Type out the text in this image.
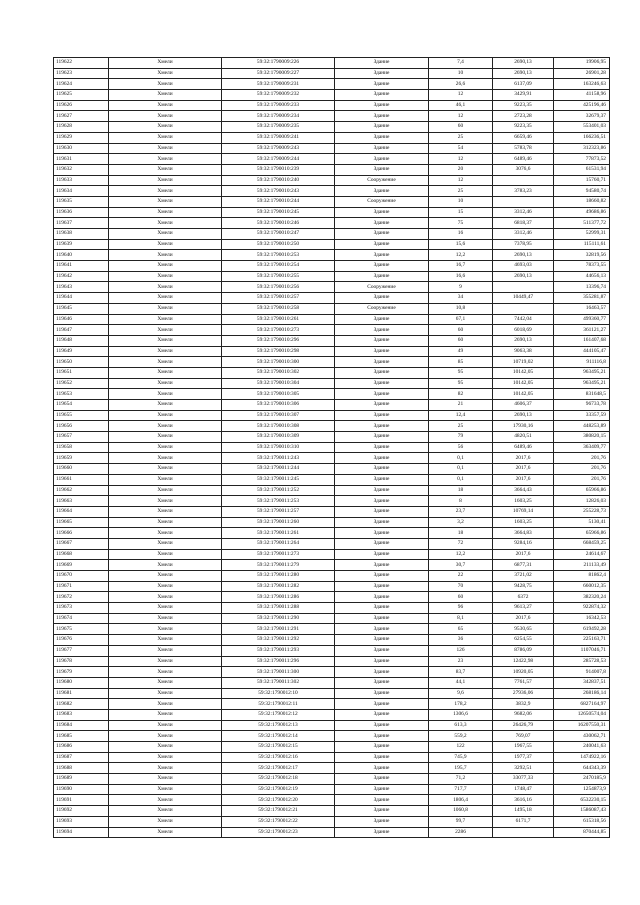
119622	Хмели	59:32:1790009:226	Здание	7,4	2690,13	19906,95
119623	Хмели	59:32:1790009:227	Здание	10	2690,13	26901,28
119624	Хмели	59:32:1790009:231	Здание	26,6	6137,09	163246,63
119625	Хмели	59:32:1790009:232	Здание	12	3429,91	41158,96
119626	Хмели	59:32:1790009:233	Здание	46,1	9223,35	425196,46
119627	Хмели	59:32:1790009:234	Здание	12	2723,28	32679,37
119628	Хмели	59:32:1790009:235	Здание	60	9223,35	553401,03
119629	Хмели	59:32:1790009:241	Здание	25	6659,46	166236,51
119630	Хмели	59:32:1790009:243	Здание	54	5783,78	312323,86
119631	Хмели	59:32:1790009:244	Здание	12	6489,46	77873,52
119632	Хмели	59:32:1790010:239	Здание	20	3076,6	61531,94
119633	Хмели	59:32:1790010:240	Сооружение	12		15760,71
119634	Хмели	59:32:1790010:243	Здание	25	3783,23	94580,74
119635	Хмели	59:32:1790010:244	Сооружение	10		18660,82
119636	Хмели	59:32:1790010:245	Здание	15	3312,46	49686,86
119637	Хмели	59:32:1790010:246	Здание	75	6818,37	511377,72
119638	Хмели	59:32:1790010:247	Здание	16	3312,46	52999,31
119639	Хмели	59:32:1790010:250	Здание	15,6	7378,95	115111,61
119640	Хмели	59:32:1790010:253	Здание	12,2	2690,13	32819,56
119641	Хмели	59:32:1790010:254	Здание	16,7	4693,03	78373,55
119642	Хмели	59:32:1790010:255	Здание	16,6	2690,13	44656,13
119643	Хмели	59:32:1790010:256	Сооружение	9		13396,74
119644	Хмели	59:32:1790010:257	Здание	34	10449,47	355281,87
119645	Хмели	59:32:1790010:258	Сооружение	10,8		16463,57
119646	Хмели	59:32:1790010:261	Здание	67,1	7442,04	499360,77
119647	Хмели	59:32:1790010:273	Здание	60	6018,69	361121,27
119648	Хмели	59:32:1790010:296	Здание	60	2690,13	161407,68
119649	Хмели	59:32:1790010:298	Здание	49	9063,38	444105,47
119650	Хмели	59:32:1790010:300	Здание	85	10719,02	911116,8
119651	Хмели	59:32:1790010:302	Здание	95	10142,05	963495,21
119652	Хмели	59:32:1790010:304	Здание	95	10142,05	963495,21
119653	Хмели	59:32:1790010:305	Здание	82	10142,05	831648,5
119654	Хмели	59:32:1790010:306	Здание	21	4606,37	96733,78
119655	Хмели	59:32:1790010:307	Здание	12,4	2690,13	33357,59
119656	Хмели	59:32:1790010:308	Здание	25	17930,16	448253,89
119657	Хмели	59:32:1790010:309	Здание	79	4820,51	380820,15
119658	Хмели	59:32:1790010:310	Здание	56	6489,46	363409,77
119659	Хмели	59:32:1790011:243	Здание	0,1	2017,6	201,76
119660	Хмели	59:32:1790011:244	Здание	0,1	2017,6	201,76
119661	Хмели	59:32:1790011:245	Здание	0,1	2017,6	201,76
119662	Хмели	59:32:1790011:252	Здание	18	3664,43	65966,86
119663	Хмели	59:32:1790011:253	Здание	8	1603,25	12826,03
119664	Хмели	59:32:1790011:257	Здание	23,7	10769,14	255228,73
119665	Хмели	59:32:1790011:260	Здание	3,2	1603,25	5130,41
119666	Хмели	59:32:1790011:261	Здание	18	3664,83	65966,86
119667	Хмели	59:32:1790011:264	Здание	72	9284,16	668459,25
119668	Хмели	59:32:1790011:273	Здание	12,2	2017,6	24614,67
119669	Хмели	59:32:1790011:279	Здание	30,7	6877,31	211133,49
119670	Хмели	59:32:1790011:280	Здание	22	3721,02	81862,4
119671	Хмели	59:32:1790011:282	Здание	70	9428,75	660012,35
119672	Хмели	59:32:1790011:286	Здание	60	6372	382320,24
119673	Хмели	59:32:1790011:288	Здание	96	9613,27	922874,32
119674	Хмели	59:32:1790011:290	Здание	8,1	2017,6	16342,53
119675	Хмели	59:32:1790011:291	Здание	65	9530,65	619492,28
119676	Хмели	59:32:1790011:292	Здание	36	6254,55	225163,71
119677	Хмели	59:32:1790011:293	Здание	126	8786,09	1107046,71
119678	Хмели	59:32:1790011:296	Здание	23	12422,98	285728,53
119679	Хмели	59:32:1790011:300	Здание	83,7	10920,05	914007,8
119680	Хмели	59:32:1790011:302	Здание	44,1	7761,57	342837,51
119681	Хмели	59:32:1790012:10	Здание	9,6	27936,06	268186,14
119682	Хмели	59:32:1790012:11	Здание	178,2	3832,9	6827164,97
119683	Хмели	59:32:1790012:12	Здание	1306,6	9682,06	12650574,04
119684	Хмели	59:32:1790012:13	Здание	613,3	26426,79	16207550,31
119685	Хмели	59:32:1790012:14	Здание	559,2	769,07	430062,71
119686	Хмели	59:32:1790012:15	Здание	122	1967,55	240041,63
119687	Хмели	59:32:1790012:16	Здание	745,9	1977,37	1474922,16
119688	Хмели	59:32:1790012:17	Здание	195,7	3292,51	644343,39
119689	Хмели	59:32:1790012:18	Здание	71,2	33077,33	2470185,9
119690	Хмели	59:32:1790012:19	Здание	717,7	1748,47	1254873,9
119691	Хмели	59:32:1790012:20	Здание	1806,4	3616,16	6532230,15
119692	Хмели	59:32:1790012:21	Здание	1060,8	1495,18	1586087,43
119693	Хмели	59:32:1790012:22	Здание	99,7	6171,7	615318,56
119694	Хмели	59:32:1790012:23	Здание	2286		870444,85
